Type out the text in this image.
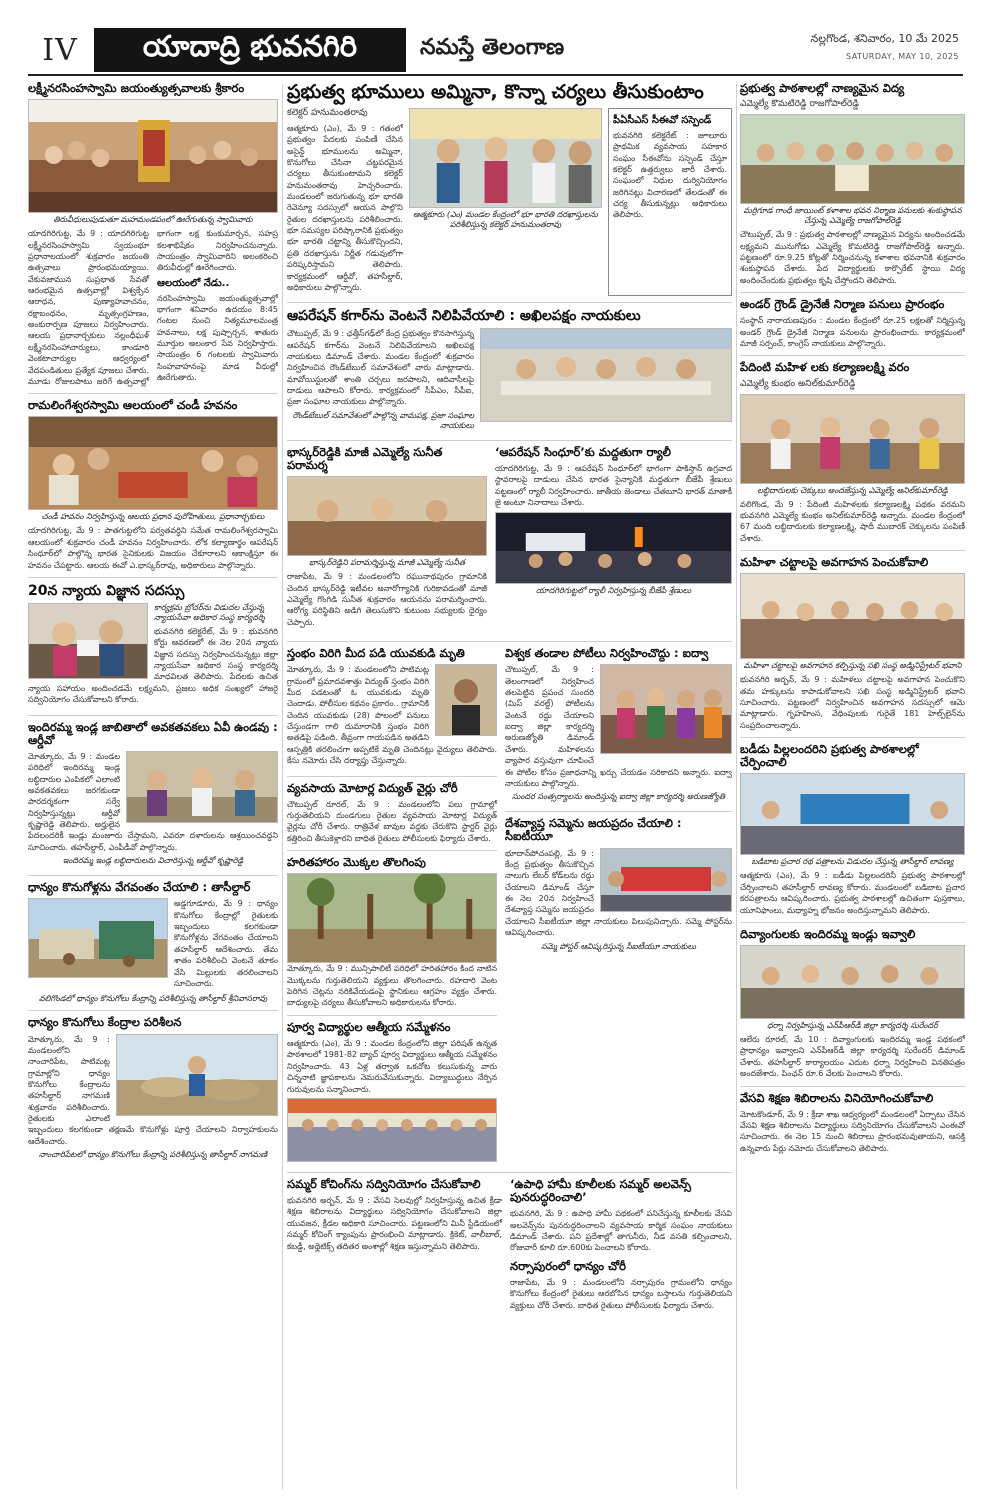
IV	యాదాద్రి భువనగిరి	నమస్తే తెలంగాణ	నల్లగొండ, శనివారం, 10 మే 2025
SATURDAY, MAY 10, 2025
లక్ష్మీనరసింహస్వామి జయంత్యుత్సవాలకు శ్రీకారం
తిరువీధులుపుడుతూ మహమండపంలో ఊరేగుతున్న స్వామివారు

యాదగిరిగుట్ట, మే 9 : యాదగిరిగుట్ట లక్ష్మీనరసింహస్వామి స్వయంభూ ప్రధానాలయంలో శుక్రవారం జయంతి ఉత్సవాలు ప్రారంభమయ్యాయి. వేకువజామున సుప్రభాత సేవతో ఆరంభమైన ఉత్సవాల్లో విశ్వక్సేన ఆరాధన, పుణ్యాహవాచనం, రక్షాబంధనం, మృత్సంగ్రహణం, అంకురార్పణ పూజలు నిర్వహించారు. ఆలయ ప్రధానార్చకులు నల్లంధీఘళ్‌ లక్ష్మీనరసింహాచార్యులు, కాండూరి వెంకటాచార్యుల ఆధ్వర్యంలో వేదపండితులు ప్రత్యేక పూజలు చేశారు. మూడు రోజులపాటు జరిగే ఉత్సవాల్లో భాగంగా లక్ష కుంకుమార్చన, సహస్ర కలశాభిషేకం నిర్వహించనున్నారు. సాయంత్రం స్వామివారిని అలంకరించి తిరువీధుల్లో ఊరేగించారు.

ఆలయంలో నేడు..

నరసింహస్వామి జయంత్యుత్సవాల్లో భాగంగా శనివారం ఉదయం 8:45 గంటల నుంచి నిత్యమూలమంత్ర హవనాలు, లక్ష పుష్పార్చన, శాతురు మూర్తుల అలంకార సేవ నిర్వహిస్తారు. సాయంత్రం 6 గంటలకు స్వామివారు సింహవాహనంపై మాడ వీధుల్లో ఊరేగుతారు.

రామలింగేశ్వరస్వామి ఆలయంలో చండీ హవనం
చండీ హవనం నిర్వహిస్తున్న ఆలయ ప్రధాన పురోహితులు, ప్రధానార్చకులు

యాదగిరిగుట్ట, మే 9 : పాతగుట్టలోని పర్వతవర్ధిని సమేత రామలింగేశ్వరస్వామి ఆలయంలో శుక్రవారం చండీ హవనం నిర్వహించారు. లోక కల్యాణార్థం ఆపరేషన్‌ సింధూర్‌లో పాల్గొన్న భారత సైనికులకు విజయం చేకూరాలని ఆకాంక్షిస్తూ ఈ హవనం చేపట్టారు. ఆలయ ఈవో ఎ.భాస్కర్‌రావు, అధికారులు పాల్గొన్నారు.

20న న్యాయ విజ్ఞాన సదస్సు
కార్యక్రమ బ్రోచర్‌ను విడుదల చేస్తున్న న్యాయసేవా అధికార సంస్థ కార్యదర్శి

భువనగిరి కలెక్టరేట్‌, మే 9 : భువనగిరి కోర్టు ఆవరణలో ఈ నెల 20న న్యాయ విజ్ఞాన సదస్సు నిర్వహించనున్నట్లు జిల్లా న్యాయసేవా అధికార సంస్థ కార్యదర్శి మాధవిలత తెలిపారు. పేదలకు ఉచిత న్యాయ సహాయం అందించడమే లక్ష్యమని, ప్రజలు అధిక సంఖ్యలో హాజరై సద్వినియోగం చేసుకోవాలని కోరారు.

ఇందిరమ్మ ఇండ్ల జాబితాలో అవకతవకలు ఏవీ ఉండవు : ఆర్డీవో

మోత్కూరు, మే 9 : మండల పరిధిలో ఇందిరమ్మ ఇండ్ల లబ్ధిదారుల ఎంపికలో ఎలాంటి అవకతవకలు జరగకుండా పారదర్శకంగా సర్వే నిర్వహిస్తున్నట్లు ఆర్డీవో కృష్ణారెడ్డి తెలిపారు. అర్హులైన పేదలందరికీ ఇండ్లు మంజూరు చేస్తామని, ఎవరూ దళారులను ఆశ్రయించవద్దని సూచించారు. తహసీల్దార్‌, ఎంపీడీవో పాల్గొన్నారు.

ఇందిరమ్మ ఇండ్ల లబ్ధిదారులను విచారిస్తున్న ఆర్డీవో కృష్ణారెడ్డి
ధాన్యం కొనుగోళ్లను వేగవంతం చేయాలి : తాసీల్దార్‌

అడ్డగూడూరు, మే 9 : ధాన్యం కొనుగోలు కేంద్రాల్లో రైతులకు ఇబ్బందులు కలగకుండా కొనుగోళ్లను వేగవంతం చేయాలని తహసీల్దార్‌ ఆదేశించారు. తేమ శాతం పరిశీలించి వెంటనే తూకం వేసి మిల్లులకు తరలించాలని సూచించారు.

వలిగొండలో ధాన్యం కొనుగోలు కేంద్రాన్ని పరిశీలిస్తున్న తాసీల్దార్‌ శ్రీనివాసరావు
ధాన్యం కొనుగోలు కేంద్రాల పరిశీలన

మోత్కూరు, మే 9 : మండలంలోని నాంచారిపేట, పాటిమట్ల గ్రామాల్లోని ధాన్యం కొనుగోలు కేంద్రాలను తహసీల్దార్‌ నాగమణి శుక్రవారం పరిశీలించారు. రైతులకు ఎలాంటి ఇబ్బందులు కలగకుండా తక్షణమే కొనుగోళ్లు పూర్తి చేయాలని నిర్వాహకులను ఆదేశించారు.

నాంచారిపేటలో ధాన్యం కొనుగోలు కేంద్రాన్ని పరిశీలిస్తున్న తాసీల్దార్‌ నాగమణి
ప్రభుత్వ భూములు అమ్మినా, కొన్నా చర్యలు తీసుకుంటాం
కలెక్టర్‌ హనుమంతరావు

ఆత్మకూరు (ఎం), మే 9 : గతంలో ప్రభుత్వం పేదలకు పంపిణీ చేసిన అసైన్డ్‌ భూములను అమ్మినా, కొనుగోలు చేసినా చట్టపరమైన చర్యలు తీసుకుంటామని కలెక్టర్‌ హనుమంతరావు హెచ్చరించారు. మండలంలో జరుగుతున్న భూ భారతి రెవెన్యూ సదస్సులో ఆయన పాల్గొని రైతుల దరఖాస్తులను పరిశీలించారు. భూ సమస్యల పరిష్కారానికి ప్రభుత్వం భూ భారతి చట్టాన్ని తీసుకొచ్చిందని, ప్రతి దరఖాస్తును నిర్ణీత గడువులోగా పరిష్కరిస్తామని తెలిపారు. కార్యక్రమంలో ఆర్డీవో, తహసీల్దార్‌, అధికారులు పాల్గొన్నారు.

ఆత్మకూరు (ఎం) మండల కేంద్రంలో భూ భారతి దరఖాస్తులను పరిశీలిస్తున్న కలెక్టర్‌ హనుమంతరావు
పీఏసీఎస్‌ సీఈవో సస్పెండ్‌

భువనగిరి కలెక్టరేట్‌ : జూలూరు ప్రాథమిక వ్యవసాయ సహకార సంఘం సీఈవోను సస్పెండ్‌ చేస్తూ కలెక్టర్‌ ఉత్తర్వులు జారీ చేశారు. సంఘంలో నిధుల దుర్వినియోగం జరిగినట్లు విచారణలో తేలడంతో ఈ చర్య తీసుకున్నట్లు అధికారులు తెలిపారు.

ఆపరేషన్‌ కగార్‌ను వెంటనే నిలిపివేయాలి : అఖిలపక్షం నాయకులు

చౌటుప్పల్‌, మే 9 : ఛత్తీస్‌గఢ్‌లో కేంద్ర ప్రభుత్వం కొనసాగిస్తున్న ఆపరేషన్‌ కగార్‌ను వెంటనే నిలిపివేయాలని అఖిలపక్ష నాయకులు డిమాండ్‌ చేశారు. మండల కేంద్రంలో శుక్రవారం నిర్వహించిన రౌండ్‌టేబుల్‌ సమావేశంలో వారు మాట్లాడారు. మావోయిస్టులతో శాంతి చర్చలు జరపాలని, ఆదివాసీలపై దాడులు ఆపాలని కోరారు. కార్యక్రమంలో సీపీఎం, సీపీఐ, ప్రజా సంఘాల నాయకులు పాల్గొన్నారు.

రౌండ్‌టేబుల్‌ సమావేశంలో పాల్గొన్న వామపక్ష, ప్రజా సంఘాల నాయకులు
భాస్కర్‌రెడ్డికి మాజీ ఎమ్మెల్యే సునీత పరామర్శ
భాస్కర్‌రెడ్డిని పరామర్శిస్తున్న మాజీ ఎమ్మెల్యే సునీత

రాజాపేట, మే 9 : మండలంలోని రఘునాథపురం గ్రామానికి చెందిన భాస్కర్‌రెడ్డి ఇటీవల అనారోగ్యానికి గురికావడంతో మాజీ ఎమ్మెల్యే గొంగిడి సునీత శుక్రవారం ఆయనను పరామర్శించారు. ఆరోగ్య పరిస్థితిని అడిగి తెలుసుకొని కుటుంబ సభ్యులకు ధైర్యం చెప్పారు.

‘ఆపరేషన్‌ సింధూర్‌’కు మద్దతుగా ర్యాలీ

యాదగిరిగుట్ట, మే 9 : ఆపరేషన్‌ సింధూర్‌లో భాగంగా పాకిస్తాన్‌ ఉగ్రవాద స్థావరాలపై దాడులు చేసిన భారత సైన్యానికి మద్దతుగా బీజేపీ శ్రేణులు పట్టణంలో ర్యాలీ నిర్వహించారు. జాతీయ జెండాలు చేతబూని భారత్‌ మాతాకీ జై అంటూ నినాదాలు చేశారు.

యాదగిరిగుట్టలో ర్యాలీ నిర్వహిస్తున్న బీజేపీ శ్రేణులు
స్తంభం విరిగి మీద పడి యువకుడి మృతి

మోత్కూరు, మే 9 : మండలంలోని పాటిమట్ల గ్రామంలో ప్రమాదవశాత్తు విద్యుత్‌ స్తంభం విరిగి మీద పడటంతో ఓ యువకుడు మృతి చెందాడు. పోలీసుల కథనం ప్రకారం.. గ్రామానికి చెందిన యువకుడు (28) పొలంలో పనులు చేస్తుండగా గాలి దుమారానికి స్తంభం విరిగి అతడిపై పడింది. తీవ్రంగా గాయపడిన అతడిని ఆస్పత్రికి తరలించగా అప్పటికే మృతి చెందినట్లు వైద్యులు తెలిపారు. కేసు నమోదు చేసి దర్యాప్తు చేస్తున్నారు.

వ్యవసాయ మోటార్ల విద్యుత్‌ వైర్లు చోరీ

చౌటుప్పల్‌ రూరల్‌, మే 9 : మండలంలోని పలు గ్రామాల్లో గుర్తుతెలియని దుండగులు రైతుల వ్యవసాయ మోటార్ల విద్యుత్‌ వైర్లను చోరీ చేశారు. రాత్రివేళ బావుల వద్దకు చేరుకొని స్టార్టర్‌ వైర్లు కత్తిరించి తీసుకెళ్లారని బాధిత రైతులు పోలీసులకు ఫిర్యాదు చేశారు.

హరితహారం మొక్కల తొలగింపు

మోత్కూరు, మే 9 : మున్సిపాలిటీ పరిధిలో హరితహారం కింద నాటిన మొక్కలను గుర్తుతెలియని వ్యక్తులు తొలగించారు. రహదారి వెంట పెరిగిన చెట్లను నరికివేయడంపై స్థానికులు ఆగ్రహం వ్యక్తం చేశారు. బాధ్యులపై చర్యలు తీసుకోవాలని అధికారులను కోరారు.

పూర్వ విద్యార్థుల ఆత్మీయ సమ్మేళనం

ఆత్మకూరు (ఎం), మే 9 : మండల కేంద్రంలోని జిల్లా పరిషత్‌ ఉన్నత పాఠశాలలో 1981-82 బ్యాచ్‌ పూర్వ విద్యార్థులు ఆత్మీయ సమ్మేళనం నిర్వహించారు. 43 ఏళ్ల తర్వాత ఒకచోట కలుసుకున్న వారు చిన్ననాటి జ్ఞాపకాలను నెమరువేసుకున్నారు. విద్యాబుద్ధులు నేర్పిన గురువులను సన్మానించారు.

విశ్వక తండాల పోటీలు నిర్వహించొద్దు : ఐద్వా

చౌటుప్పల్‌, మే 9 : తెలంగాణలో నిర్వహించ తలపెట్టిన ప్రపంచ సుందరి (మిస్‌ వరల్డ్‌) పోటీలను వెంటనే రద్దు చేయాలని ఐద్వా జిల్లా కార్యదర్శి అరుణజ్యోతి డిమాండ్‌ చేశారు. మహిళలను వ్యాపార వస్తువుగా చూపించే ఈ పోటీల కోసం ప్రజాధనాన్ని ఖర్చు చేయడం సరికాదని అన్నారు. ఐద్వా నాయకులు పాల్గొన్నారు.

సుందర సంత్సర్యాలను అందిస్తున్న ఐద్వా జిల్లా కార్యదర్శి అరుణజ్యోతి
దేశవ్యాప్త సమ్మెను జయప్రదం చేయాలి : సీఐటీయూ

భూదాన్‌పోచంపల్లి, మే 9 : కేంద్ర ప్రభుత్వం తీసుకొచ్చిన నాలుగు లేబర్‌ కోడ్‌లను రద్దు చేయాలని డిమాండ్‌ చేస్తూ ఈ నెల 20న నిర్వహించే దేశవ్యాప్త సమ్మెను జయప్రదం చేయాలని సీఐటీయూ జిల్లా నాయకులు పిలుపునిచ్చారు. సమ్మె పోస్టర్‌ను ఆవిష్కరించారు.

సమ్మె పోస్టర్‌ ఆవిష్కరిస్తున్న సీఐటీయూ నాయకులు
సమ్మర్‌ కోచింగ్‌ను సద్వినియోగం చేసుకోవాలి

భువనగిరి అర్బన్‌, మే 9 : వేసవి సెలవుల్లో నిర్వహిస్తున్న ఉచిత క్రీడా శిక్షణ శిబిరాలను విద్యార్థులు సద్వినియోగం చేసుకోవాలని జిల్లా యువజన, క్రీడల అధికారి సూచించారు. పట్టణంలోని మినీ స్టేడియంలో సమ్మర్‌ కోచింగ్‌ క్యాంపును ప్రారంభించి మాట్లాడారు. క్రికెట్‌, వాలీబాల్‌, కబడ్డీ, అథ్లెటిక్స్‌ తదితర అంశాల్లో శిక్షణ ఇస్తున్నామని తెలిపారు.

‘ఉపాధి హామీ కూలీలకు సమ్మర్‌ అలవెన్స్‌ పునరుద్ధరించాలి’

భువనగిరి, మే 9 : ఉపాధి హామీ పథకంలో పనిచేస్తున్న కూలీలకు వేసవి అలవెన్స్‌ను పునరుద్ధరించాలని వ్యవసాయ కార్మిక సంఘం నాయకులు డిమాండ్‌ చేశారు. పని ప్రదేశాల్లో తాగునీరు, నీడ వసతి కల్పించాలని, రోజువారీ కూలి రూ.600కు పెంచాలని కోరారు.

నర్సాపురంలో ధాన్యం చోరీ

రాజాపేట, మే 9 : మండలంలోని నర్సాపురం గ్రామంలోని ధాన్యం కొనుగోలు కేంద్రంలో రైతులు ఆరబోసిన ధాన్యం బస్తాలను గుర్తుతెలియని వ్యక్తులు చోరీ చేశారు. బాధిత రైతులు పోలీసులకు ఫిర్యాదు చేశారు.

ప్రభుత్వ పాఠశాలల్లో నాణ్యమైన విద్య
ఎమ్మెల్యే కొమటిరెడ్డి రాజగోపాల్‌రెడ్డి
మర్రిగూడ గాంధీ జాయింట్‌ కళాశాల భవన నిర్మాణ పనులకు శంకుస్థాపన చేస్తున్న ఎమ్మెల్యే రాజగోపాల్‌రెడ్డి

చౌటుప్పల్‌, మే 9 : ప్రభుత్వ పాఠశాలల్లో నాణ్యమైన విద్యను అందించడమే లక్ష్యమని మునుగోడు ఎమ్మెల్యే కొమటిరెడ్డి రాజగోపాల్‌రెడ్డి అన్నారు. పట్టణంలో రూ.9.25 కోట్లతో నిర్మించనున్న కళాశాల భవనానికి శుక్రవారం శంకుస్థాపన చేశారు. పేద విద్యార్థులకు కార్పొరేట్‌ స్థాయి విద్య అందించేందుకు ప్రభుత్వం కృషి చేస్తోందని తెలిపారు.

అండర్‌ గ్రౌండ్‌ డ్రైనేజీ నిర్మాణ పనులు ప్రారంభం

సంస్థాన్‌ నారాయణపురం : మండల కేంద్రంలో రూ.25 లక్షలతో నిర్మిస్తున్న అండర్‌ గ్రౌండ్‌ డ్రైనేజీ నిర్మాణ పనులను ప్రారంభించారు. కార్యక్రమంలో మాజీ సర్పంచ్‌, కాంగ్రెస్‌ నాయకులు పాల్గొన్నారు.

పేదింటి మహిళ లకు కల్యాణలక్ష్మి వరం
ఎమ్మెల్యే కుంభం అనిల్‌కుమార్‌రెడ్డి
లబ్ధిదారులకు చెక్కులు అందజేస్తున్న ఎమ్మెల్యే అనిల్‌కుమార్‌రెడ్డి

వలిగొండ, మే 9 : పేదింటి మహిళలకు కల్యాణలక్ష్మి పథకం వరమని భువనగిరి ఎమ్మెల్యే కుంభం అనిల్‌కుమార్‌రెడ్డి అన్నారు. మండల కేంద్రంలో 67 మంది లబ్ధిదారులకు కల్యాణలక్ష్మి, షాదీ ముబారక్‌ చెక్కులను పంపిణీ చేశారు.

మహిళా చట్టాలపై అవగాహన పెంచుకోవాలి
మహిళా చట్టాలపై అవగాహన కల్పిస్తున్న సఖి సంస్థ అడ్మినిస్ట్రేటర్‌ భవాని

భువనగిరి అర్బన్‌, మే 9 : మహిళలు చట్టాలపై అవగాహన పెంచుకొని తమ హక్కులను కాపాడుకోవాలని సఖి సంస్థ అడ్మినిస్ట్రేటర్‌ భవాని సూచించారు. పట్టణంలో నిర్వహించిన అవగాహన సదస్సులో ఆమె మాట్లాడారు. గృహహింస, వేధింపులకు గురైతే 181 హెల్ప్‌లైన్‌ను సంప్రదించాలన్నారు.

బడీడు పిల్లలందరిని ప్రభుత్వ పాఠశాలల్లో చేర్పించాలి
బడిబాట ప్రచార రథ పత్రాలను విడుదల చేస్తున్న తాసీల్దార్‌ లావణ్య

ఆత్మకూరు (ఎం), మే 9 : బడీడు పిల్లలందరినీ ప్రభుత్వ పాఠశాలల్లో చేర్పించాలని తహసీల్దార్‌ లావణ్య కోరారు. మండలంలో బడిబాట ప్రచార కరపత్రాలను ఆవిష్కరించారు. ప్రభుత్వ పాఠశాలల్లో ఉచితంగా పుస్తకాలు, యూనిఫాంలు, మధ్యాహ్న భోజనం అందిస్తున్నామని తెలిపారు.

దివ్యాంగులకు ఇందిరమ్మ ఇండ్లు ఇవ్వాలి
ధర్నా నిర్వహిస్తున్న ఎన్‌పీఆర్‌డీ జిల్లా కార్యదర్శి సురేందర్‌

ఆలేరు రూరల్‌, మే 10 : దివ్యాంగులకు ఇందిరమ్మ ఇండ్ల పథకంలో ప్రాధాన్యం ఇవ్వాలని ఎన్‌పీఆర్‌డీ జిల్లా కార్యదర్శి సురేందర్‌ డిమాండ్‌ చేశారు. తహసీల్దార్‌ కార్యాలయం ఎదుట ధర్నా నిర్వహించి వినతిపత్రం అందజేశారు. పింఛన్‌ రూ.6 వేలకు పెంచాలని కోరారు.

వేసవి శిక్షణ శిబిరాలను వినియోగించుకోవాలి

మోటకొండూర్‌, మే 9 : క్రీడా శాఖ ఆధ్వర్యంలో మండలంలో ఏర్పాటు చేసిన వేసవి శిక్షణ శిబిరాలను విద్యార్థులు సద్వినియోగం చేసుకోవాలని ఎంఈవో సూచించారు. ఈ నెల 15 నుంచి శిబిరాలు ప్రారంభమవుతాయని, ఆసక్తి ఉన్నవారు పేర్లు నమోదు చేసుకోవాలని తెలిపారు.
